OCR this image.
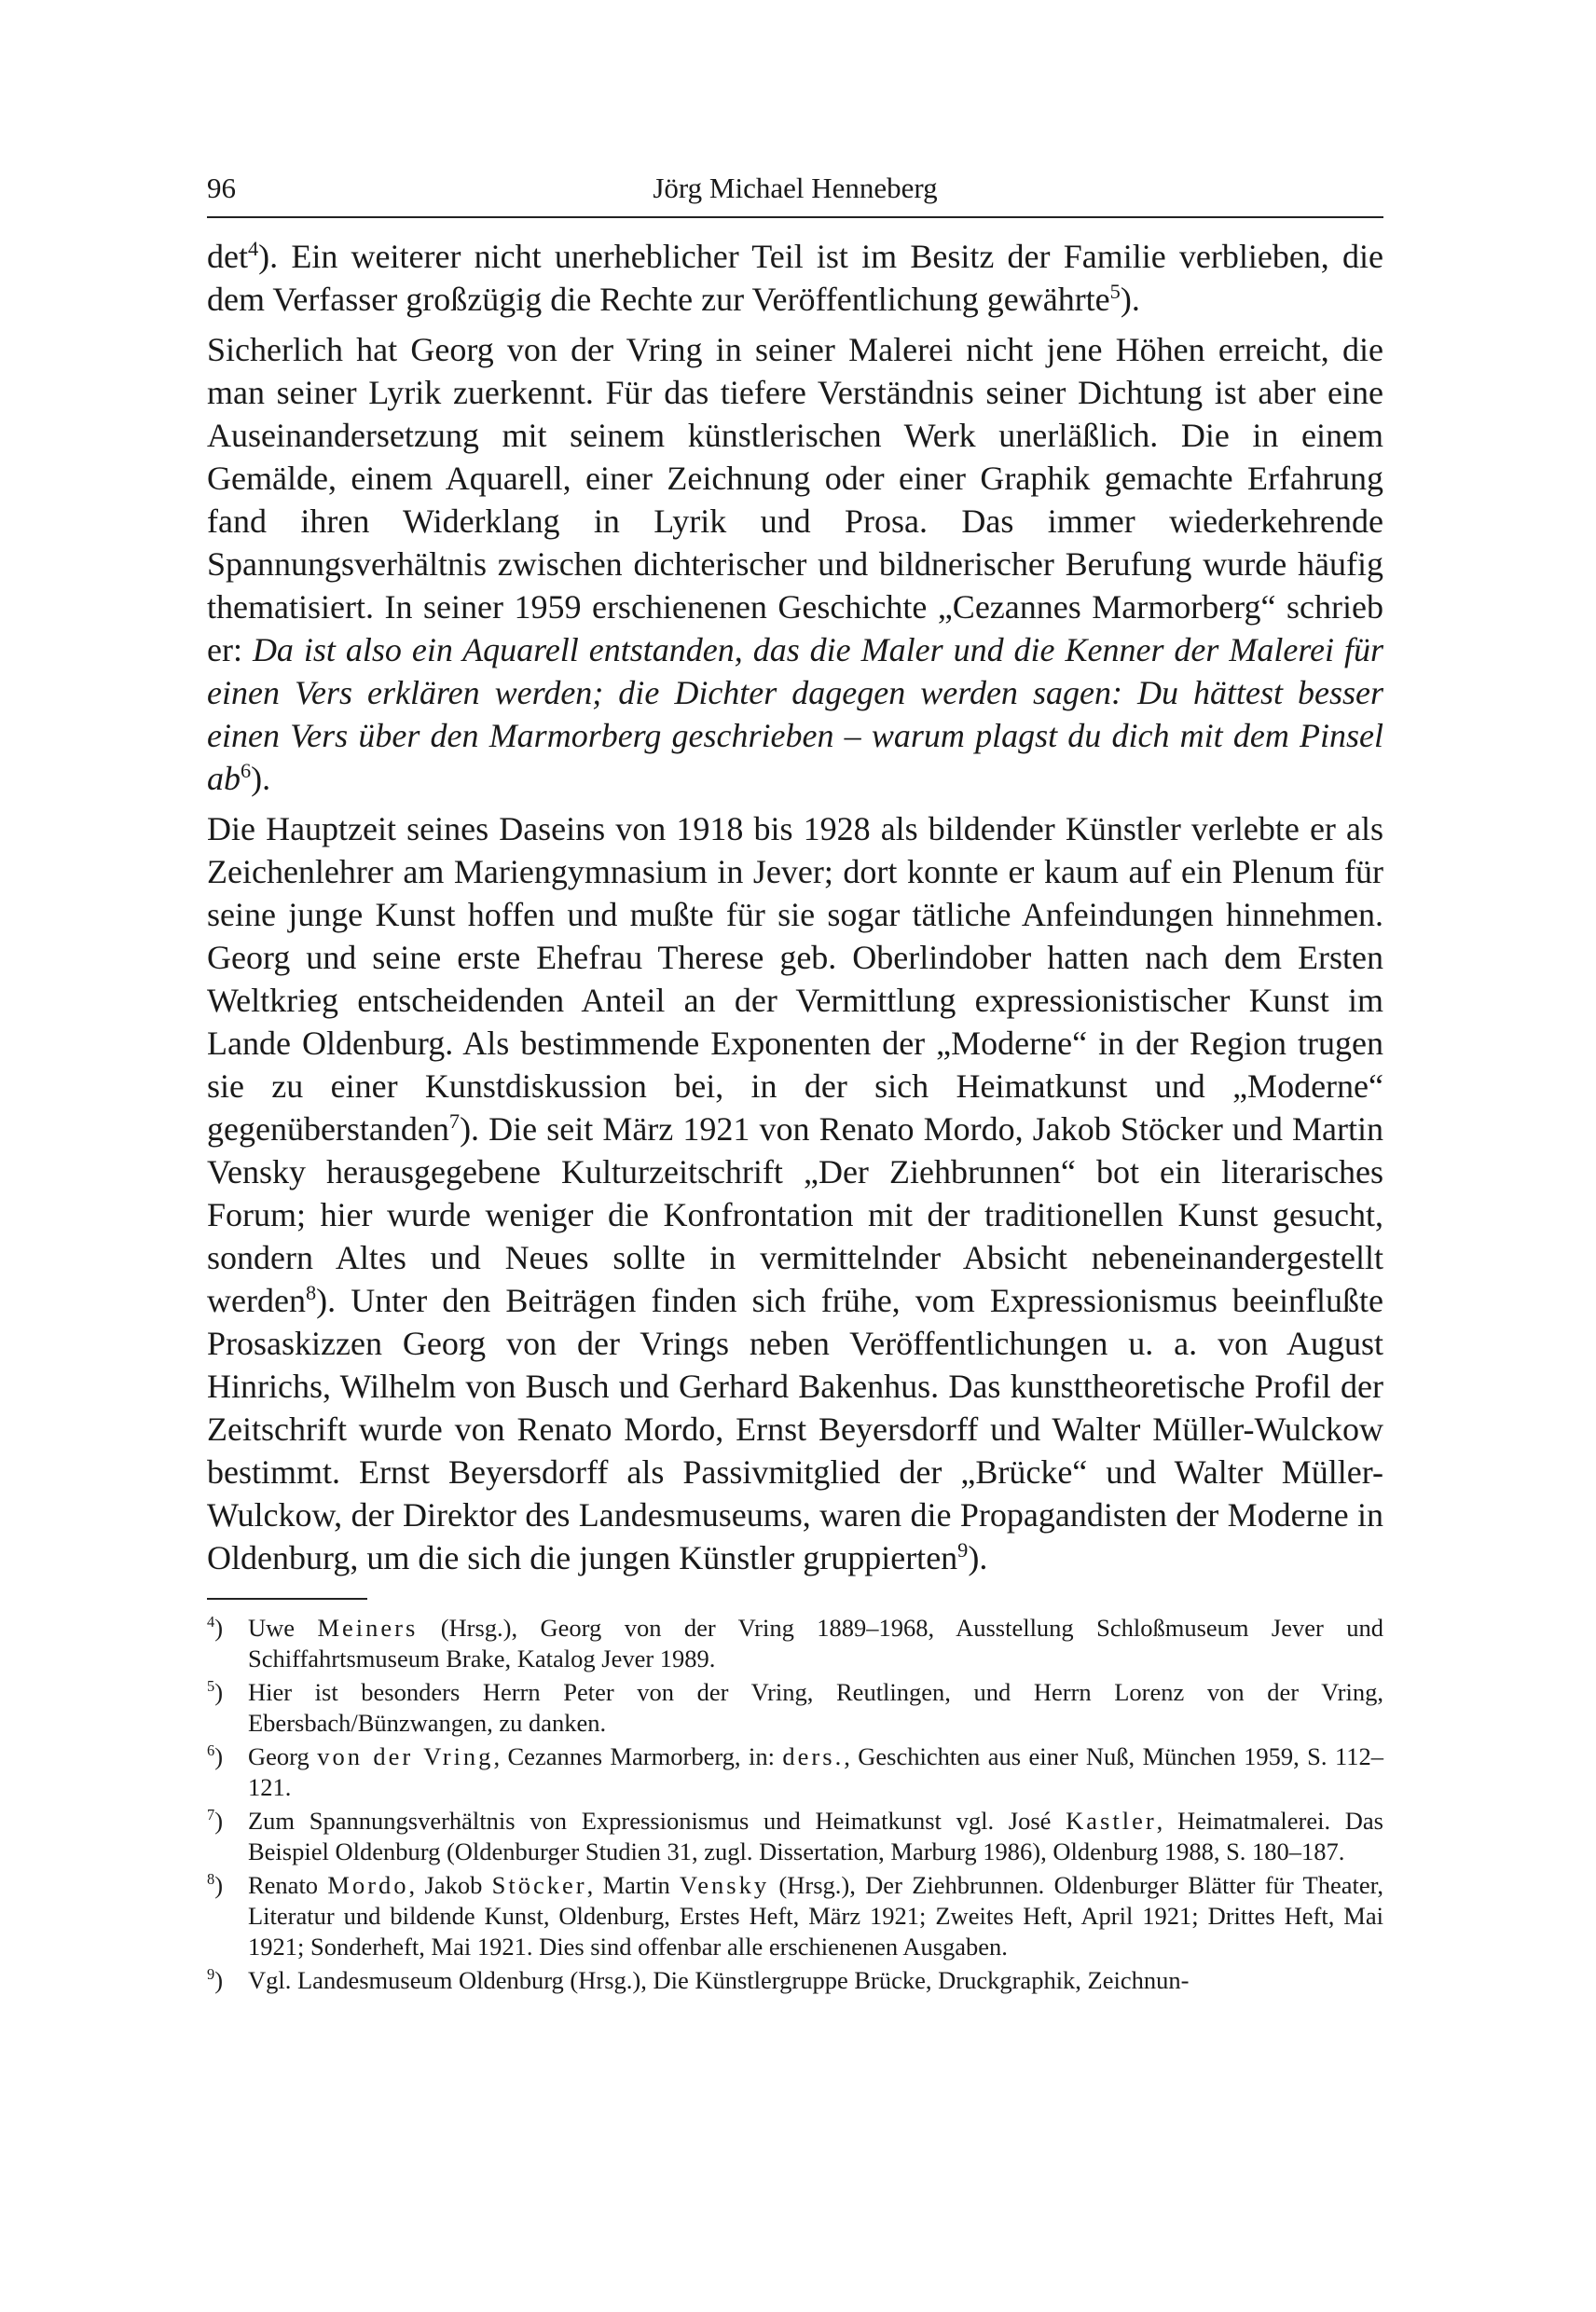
96	Jörg Michael Henneberg

$\det^4$). Ein weiterer nicht unerheblicher Teil ist im Besitz der Familie verblieben, die dem Verfasser großzügig die Rechte zur Veröffentlichung gewährte$^5$).

Sicherlich hat Georg von der Vring in seiner Malerei nicht jene Höhen erreicht, die man seiner Lyrik zuerkennt. Für das tiefere Verständnis seiner Dichtung ist aber eine Auseinandersetzung mit seinem künstlerischen Werk unerläßlich. Die in einem Gemälde, einem Aquarell, einer Zeichnung oder einer Graphik gemachte Erfahrung fand ihren Widerklang in Lyrik und Prosa. Das immer wiederkehrende Spannungsverhältnis zwischen dichterischer und bildnerischer Berufung wurde häufig thematisiert. In seiner 1959 erschienenen Geschichte „Cezannes Marmorberg“ schrieb er: Da ist also ein Aquarell entstanden, das die Maler und die Kenner der Malerei für einen Vers erklären werden; die Dichter dagegen werden sagen: Du hättest besser einen Vers über den Marmorberg geschrieben – warum plagst du dich mit dem Pinsel $ab^6$).

Die Hauptzeit seines Daseins von 1918 bis 1928 als bildender Künstler verlebte er als Zeichenlehrer am Mariengymnasium in Jever; dort konnte er kaum auf ein Plenum für seine junge Kunst hoffen und mußte für sie sogar tätliche Anfeindungen hinnehmen. Georg und seine erste Ehefrau Therese geb. Oberlindober hatten nach dem Ersten Weltkrieg entscheidenden Anteil an der Vermittlung expressionistischer Kunst im Lande Oldenburg. Als bestimmende Exponenten der „Moderne“ in der Region trugen sie zu einer Kunstdiskussion bei, in der sich Heimatkunst und „Moderne“ gegenüberstanden$^7$). Die seit März 1921 von Renato Mordo, Jakob Stöcker und Martin Vensky herausgegebene Kulturzeitschrift „Der Ziehbrunnen“ bot ein literarisches Forum; hier wurde weniger die Konfrontation mit der traditionellen Kunst gesucht, sondern Altes und Neues sollte in vermittelnder Absicht nebeneinandergestellt werden$^8$). Unter den Beiträgen finden sich frühe, vom Expressionismus beeinflußte Prosaskizzen Georg von der Vrings neben Veröffentlichungen u. a. von August Hinrichs, Wilhelm von Busch und Gerhard Bakenhus. Das kunsttheoretische Profil der Zeitschrift wurde von Renato Mordo, Ernst Beyersdorff und Walter Müller-Wulckow bestimmt. Ernst Beyersdorff als Passivmitglied der „Brücke“ und Walter Müller-Wulckow, der Direktor des Landesmuseums, waren die Propagandisten der Moderne in Oldenburg, um die sich die jungen Künstler gruppierten$^9$).

$^4$) Uwe Meiners (Hrsg.), Georg von der Vring 1889–1968, Ausstellung Schloßmuseum Jever und Schiffahrtsmuseum Brake, Katalog Jever 1989.
$^5$) Hier ist besonders Herrn Peter von der Vring, Reutlingen, und Herrn Lorenz von der Vring, Ebersbach/Bünzwangen, zu danken.
$^6$) Georg von der Vring, Cezannes Marmorberg, in: ders., Geschichten aus einer Nuß, München 1959, S. 112–121.
$^7$) Zum Spannungsverhältnis von Expressionismus und Heimatkunst vgl. José Kastler, Heimatmalerei. Das Beispiel Oldenburg (Oldenburger Studien 31, zugl. Dissertation, Marburg 1986), Oldenburg 1988, S. 180–187.
$^8$) Renato Mordo, Jakob Stöcker, Martin Vensky (Hrsg.), Der Ziehbrunnen. Oldenburger Blätter für Theater, Literatur und bildende Kunst, Oldenburg, Erstes Heft, März 1921; Zweites Heft, April 1921; Drittes Heft, Mai 1921; Sonderheft, Mai 1921. Dies sind offenbar alle erschienenen Ausgaben.
$^9$) Vgl. Landesmuseum Oldenburg (Hrsg.), Die Künstlergruppe Brücke, Druckgraphik, Zeichnun-
